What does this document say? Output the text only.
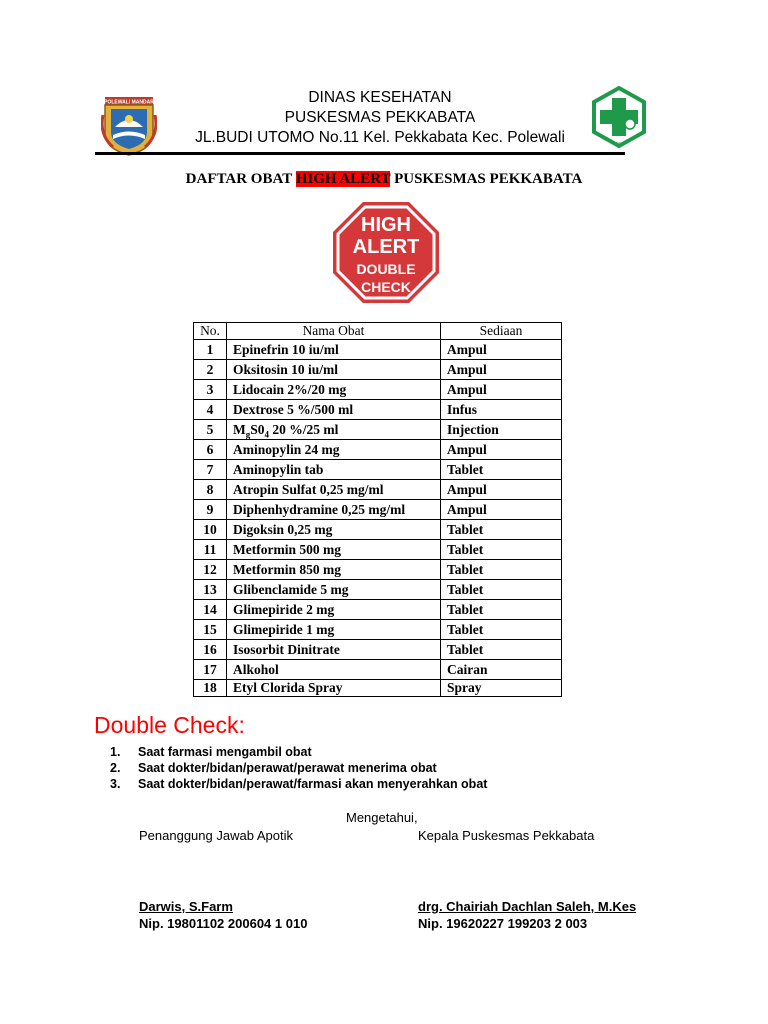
POLEWALI MANDAR	DINAS KESEHATAN
PUSKESMAS PEKKABATA
JL.BUDI UTOMO No.11 Kel. Pekkabata Kec. Polewali	KEMENKES
DAFTAR OBAT HIGH ALERT PUSKESMAS PEKKABATA
HIGH
ALERT
DOUBLE
CHECK
No.	Nama Obat	Sediaan
1	Epinefrin 10 iu/ml	Ampul
2	Oksitosin 10 iu/ml	Ampul
3	Lidocain 2%/20 mg	Ampul
4	Dextrose 5 %/500 ml	Infus
5	$M_gS0_4$ 20 %/25 ml	Injection
6	Aminopylin 24 mg	Ampul
7	Aminopylin tab	Tablet
8	Atropin Sulfat 0,25 mg/ml	Ampul
9	Diphenhydramine 0,25 mg/ml	Ampul
10	Digoksin 0,25 mg	Tablet
11	Metformin 500 mg	Tablet
12	Metformin 850 mg	Tablet
13	Glibenclamide 5 mg	Tablet
14	Glimepiride 2 mg	Tablet
15	Glimepiride 1 mg	Tablet
16	Isosorbit Dinitrate	Tablet
17	Alkohol	Cairan
18	Etyl Clorida Spray	Spray
Double Check:
1. Saat farmasi mengambil obat
2. Saat dokter/bidan/perawat/perawat menerima obat
3. Saat dokter/bidan/perawat/farmasi akan menyerahkan obat
Mengetahui,
Penanggung Jawab Apotik	Kepala Puskesmas Pekkabata
Darwis, S.Farm	drg. Chairiah Dachlan Saleh, M.Kes
Nip. 19801102 200604 1 010	Nip. 19620227 199203 2 003
